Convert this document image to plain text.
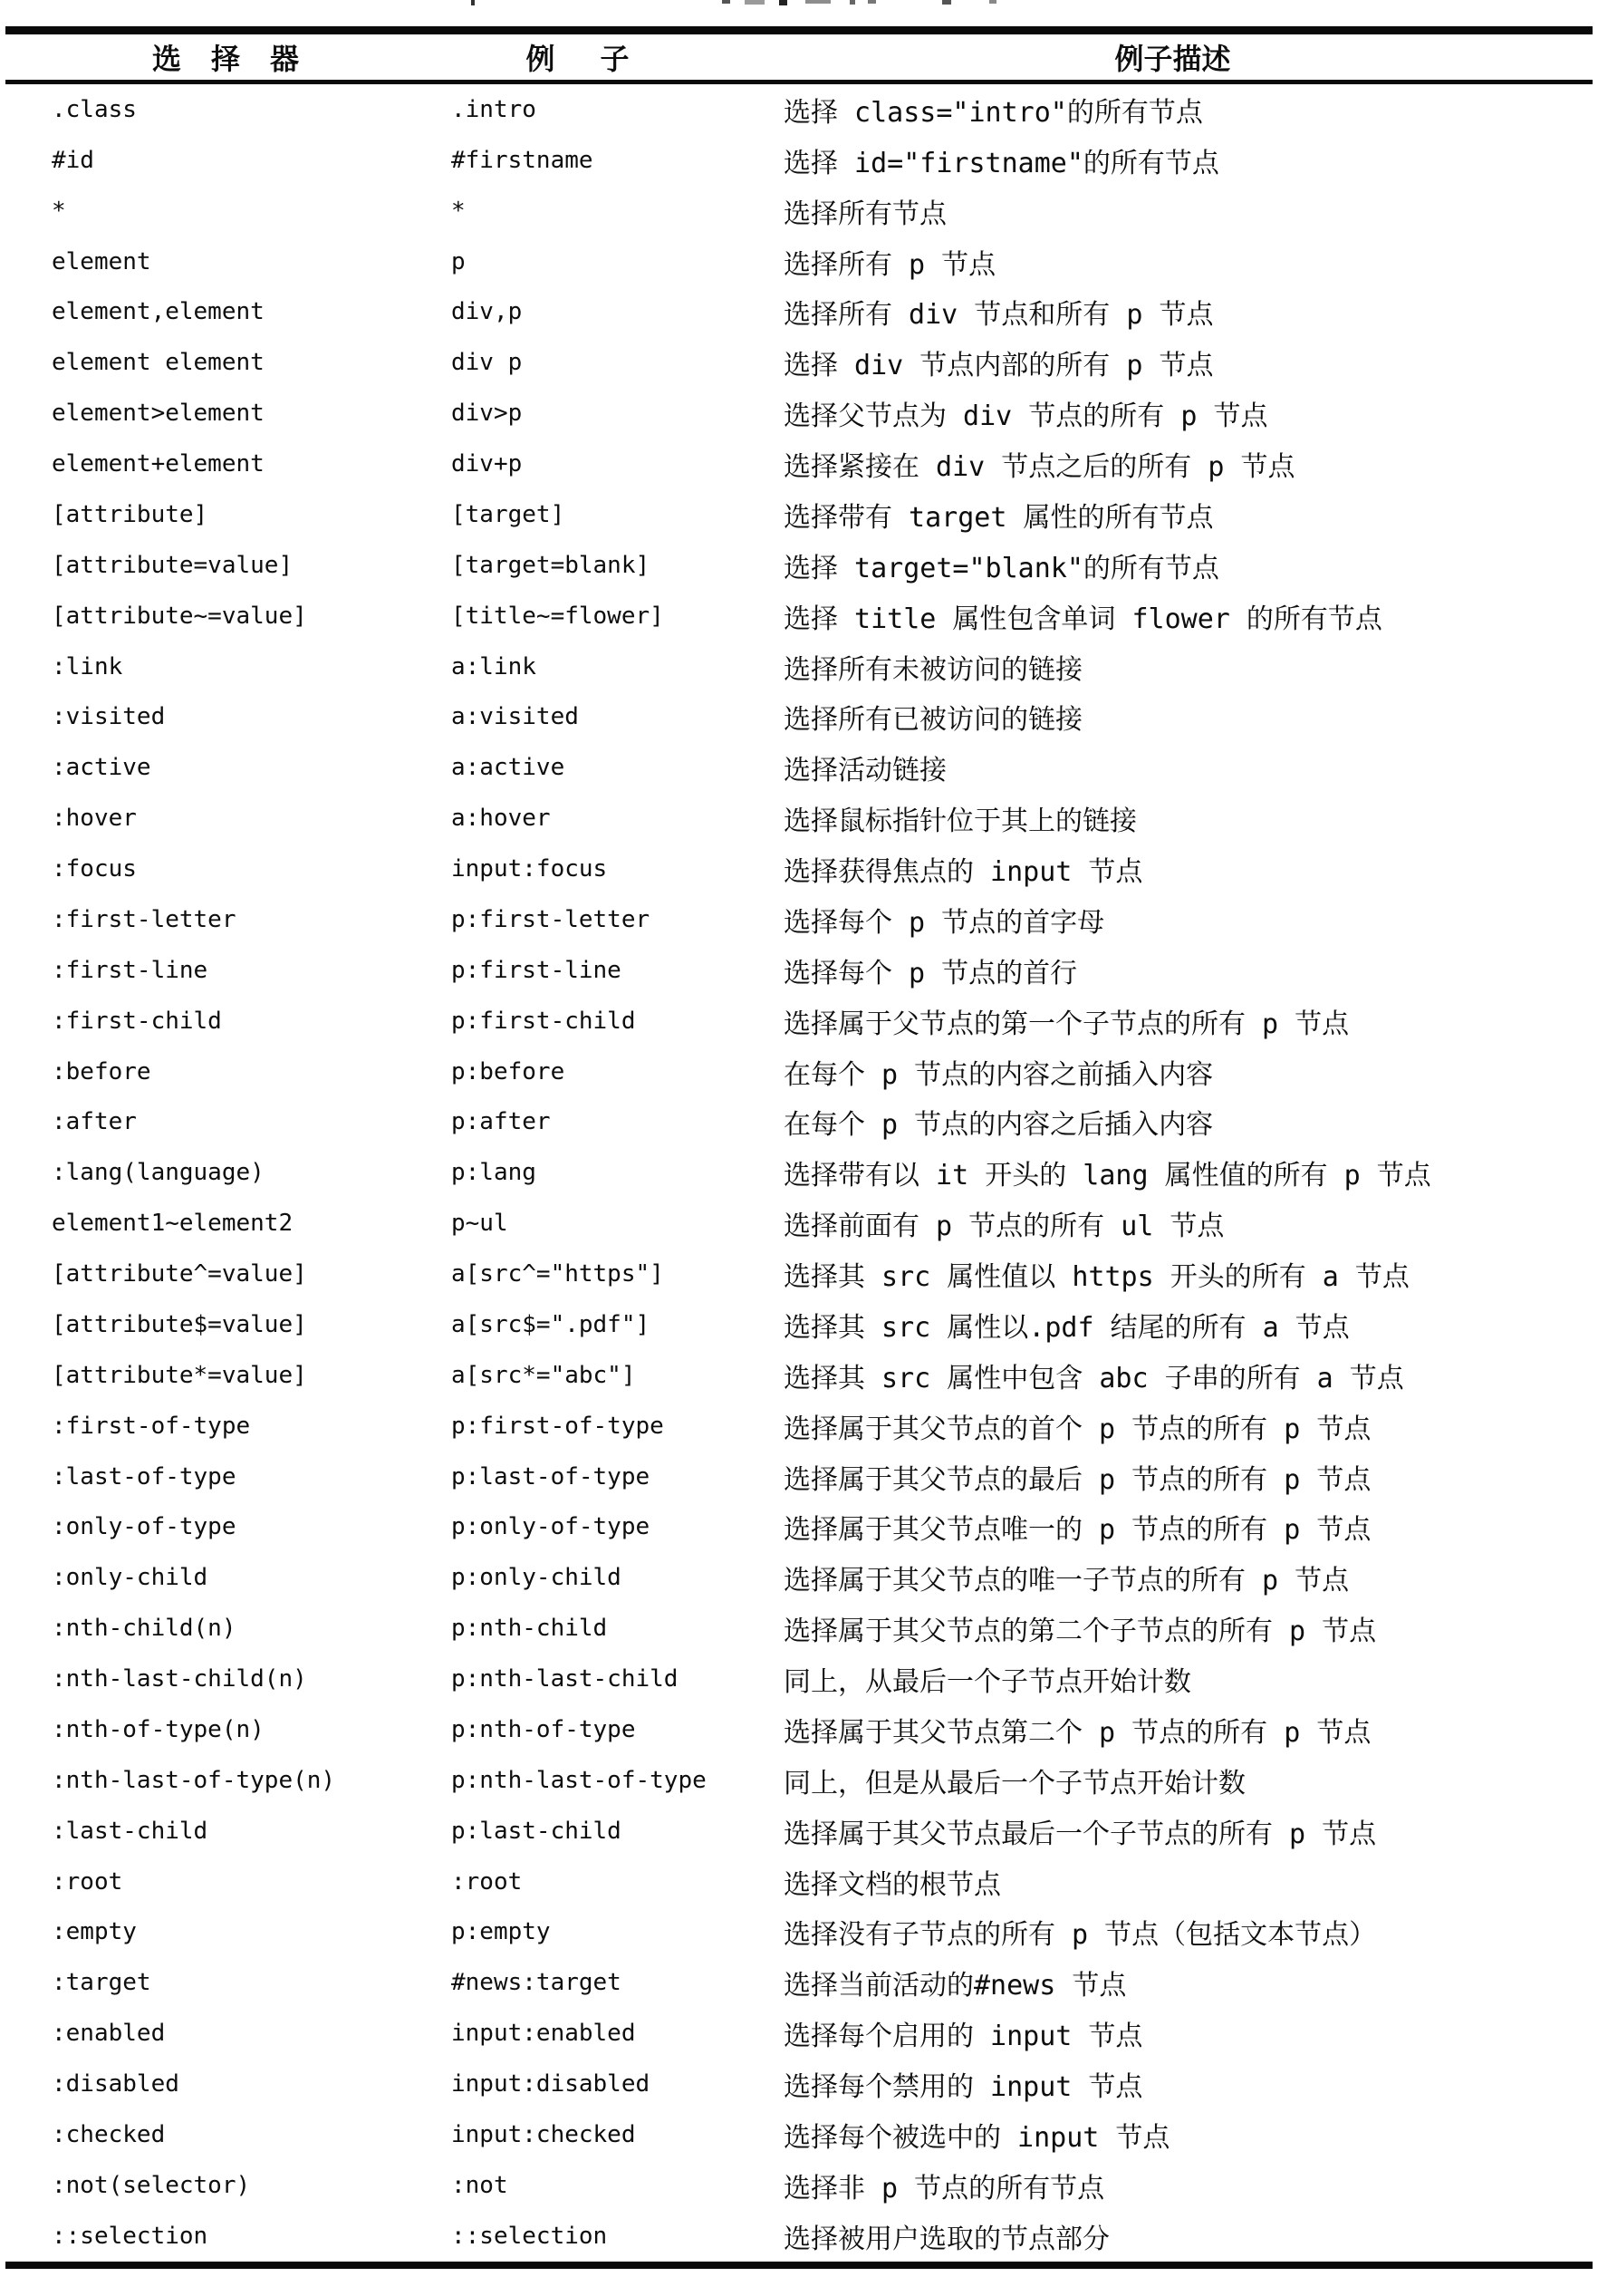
选择器	例子	例子描述
.class	.intro	选择 class="intro"的所有节点
#id	#firstname	选择 id="firstname"的所有节点
*	*	选择所有节点
element	p	选择所有 p 节点
element,element	div,p	选择所有 div 节点和所有 p 节点
element element	div p	选择 div 节点内部的所有 p 节点
element>element	div>p	选择父节点为 div 节点的所有 p 节点
element+element	div+p	选择紧接在 div 节点之后的所有 p 节点
[attribute]	[target]	选择带有 target 属性的所有节点
[attribute=value]	[target=blank]	选择 target="blank"的所有节点
[attribute~=value]	[title~=flower]	选择 title 属性包含单词 flower 的所有节点
:link	a:link	选择所有未被访问的链接
:visited	a:visited	选择所有已被访问的链接
:active	a:active	选择活动链接
:hover	a:hover	选择鼠标指针位于其上的链接
:focus	input:focus	选择获得焦点的 input 节点
:first-letter	p:first-letter	选择每个 p 节点的首字母
:first-line	p:first-line	选择每个 p 节点的首行
:first-child	p:first-child	选择属于父节点的第一个子节点的所有 p 节点
:before	p:before	在每个 p 节点的内容之前插入内容
:after	p:after	在每个 p 节点的内容之后插入内容
:lang(language)	p:lang	选择带有以 it 开头的 lang 属性值的所有 p 节点
element1~element2	p~ul	选择前面有 p 节点的所有 ul 节点
[attribute^=value]	a[src^="https"]	选择其 src 属性值以 https 开头的所有 a 节点
[attribute$=value]	a[src$=".pdf"]	选择其 src 属性以.pdf 结尾的所有 a 节点
[attribute*=value]	a[src*="abc"]	选择其 src 属性中包含 abc 子串的所有 a 节点
:first-of-type	p:first-of-type	选择属于其父节点的首个 p 节点的所有 p 节点
:last-of-type	p:last-of-type	选择属于其父节点的最后 p 节点的所有 p 节点
:only-of-type	p:only-of-type	选择属于其父节点唯一的 p 节点的所有 p 节点
:only-child	p:only-child	选择属于其父节点的唯一子节点的所有 p 节点
:nth-child(n)	p:nth-child	选择属于其父节点的第二个子节点的所有 p 节点
:nth-last-child(n)	p:nth-last-child	同上，从最后一个子节点开始计数
:nth-of-type(n)	p:nth-of-type	选择属于其父节点第二个 p 节点的所有 p 节点
:nth-last-of-type(n)	p:nth-last-of-type	同上，但是从最后一个子节点开始计数
:last-child	p:last-child	选择属于其父节点最后一个子节点的所有 p 节点
:root	:root	选择文档的根节点
:empty	p:empty	选择没有子节点的所有 p 节点（包括文本节点）
:target	#news:target	选择当前活动的#news 节点
:enabled	input:enabled	选择每个启用的 input 节点
:disabled	input:disabled	选择每个禁用的 input 节点
:checked	input:checked	选择每个被选中的 input 节点
:not(selector)	:not	选择非 p 节点的所有节点
::selection	::selection	选择被用户选取的节点部分
